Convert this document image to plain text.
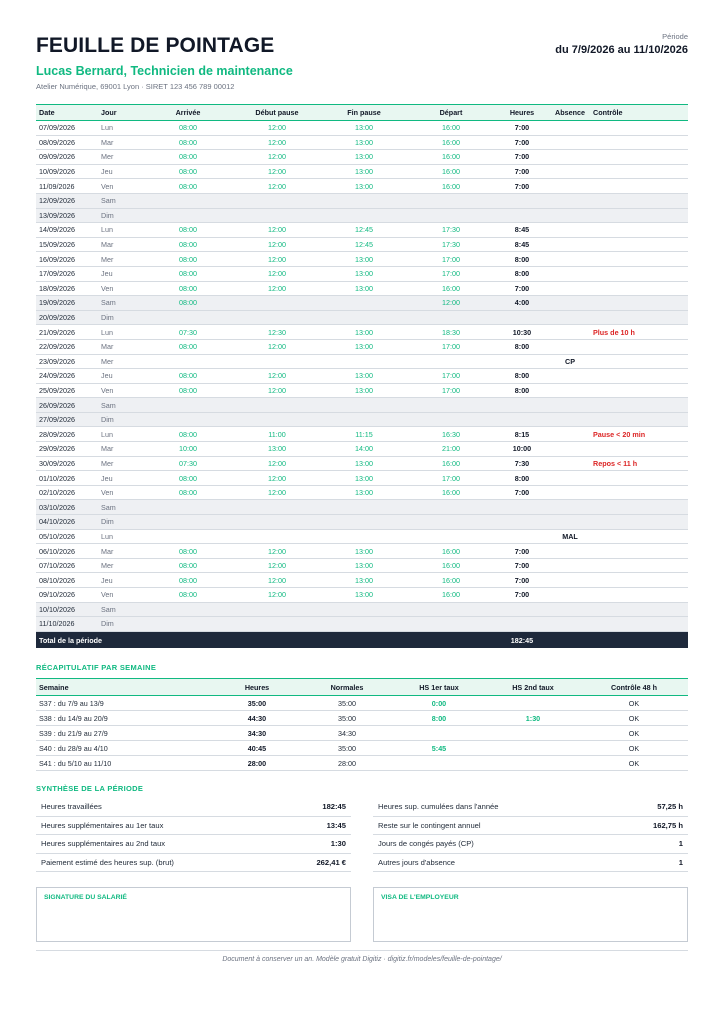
FEUILLE DE POINTAGE
Lucas Bernard, Technicien de maintenance
Atelier Numérique, 69001 Lyon · SIRET 123 456 789 00012
Période
du 7/9/2026 au 11/10/2026
Date	Jour	Arrivée	Début pause	Fin pause	Départ	Heures	Absence	Contrôle
07/09/2026	Lun	08:00	12:00	13:00	16:00	7:00		
08/09/2026	Mar	08:00	12:00	13:00	16:00	7:00		
09/09/2026	Mer	08:00	12:00	13:00	16:00	7:00		
10/09/2026	Jeu	08:00	12:00	13:00	16:00	7:00		
11/09/2026	Ven	08:00	12:00	13:00	16:00	7:00		
12/09/2026	Sam							
13/09/2026	Dim							
14/09/2026	Lun	08:00	12:00	12:45	17:30	8:45		
15/09/2026	Mar	08:00	12:00	12:45	17:30	8:45		
16/09/2026	Mer	08:00	12:00	13:00	17:00	8:00		
17/09/2026	Jeu	08:00	12:00	13:00	17:00	8:00		
18/09/2026	Ven	08:00	12:00	13:00	16:00	7:00		
19/09/2026	Sam	08:00			12:00	4:00		
20/09/2026	Dim							
21/09/2026	Lun	07:30	12:30	13:00	18:30	10:30		Plus de 10 h
22/09/2026	Mar	08:00	12:00	13:00	17:00	8:00		
23/09/2026	Mer						CP	
24/09/2026	Jeu	08:00	12:00	13:00	17:00	8:00		
25/09/2026	Ven	08:00	12:00	13:00	17:00	8:00		
26/09/2026	Sam							
27/09/2026	Dim							
28/09/2026	Lun	08:00	11:00	11:15	16:30	8:15		Pause < 20 min
29/09/2026	Mar	10:00	13:00	14:00	21:00	10:00		
30/09/2026	Mer	07:30	12:00	13:00	16:00	7:30		Repos < 11 h
01/10/2026	Jeu	08:00	12:00	13:00	17:00	8:00		
02/10/2026	Ven	08:00	12:00	13:00	16:00	7:00		
03/10/2026	Sam							
04/10/2026	Dim							
05/10/2026	Lun						MAL	
06/10/2026	Mar	08:00	12:00	13:00	16:00	7:00		
07/10/2026	Mer	08:00	12:00	13:00	16:00	7:00		
08/10/2026	Jeu	08:00	12:00	13:00	16:00	7:00		
09/10/2026	Ven	08:00	12:00	13:00	16:00	7:00		
10/10/2026	Sam							
11/10/2026	Dim							
Total de la période						182:45		
RÉCAPITULATIF PAR SEMAINE
Semaine	Heures	Normales	HS 1er taux	HS 2nd taux	Contrôle 48 h
S37 : du 7/9 au 13/9	35:00	35:00	0:00		OK
S38 : du 14/9 au 20/9	44:30	35:00	8:00	1:30	OK
S39 : du 21/9 au 27/9	34:30	34:30			OK
S40 : du 28/9 au 4/10	40:45	35:00	5:45		OK
S41 : du 5/10 au 11/10	28:00	28:00			OK
SYNTHÈSE DE LA PÉRIODE
Heures travaillées	182:45
Heures supplémentaires au 1er taux	13:45
Heures supplémentaires au 2nd taux	1:30
Paiement estimé des heures sup. (brut)	262,41 €
Heures sup. cumulées dans l'année	57,25 h
Reste sur le contingent annuel	162,75 h
Jours de congés payés (CP)	1
Autres jours d'absence	1
SIGNATURE DU SALARIÉ	VISA DE L'EMPLOYEUR
Document à conserver un an. Modèle gratuit Digitiz · digitiz.fr/modeles/feuille-de-pointage/
